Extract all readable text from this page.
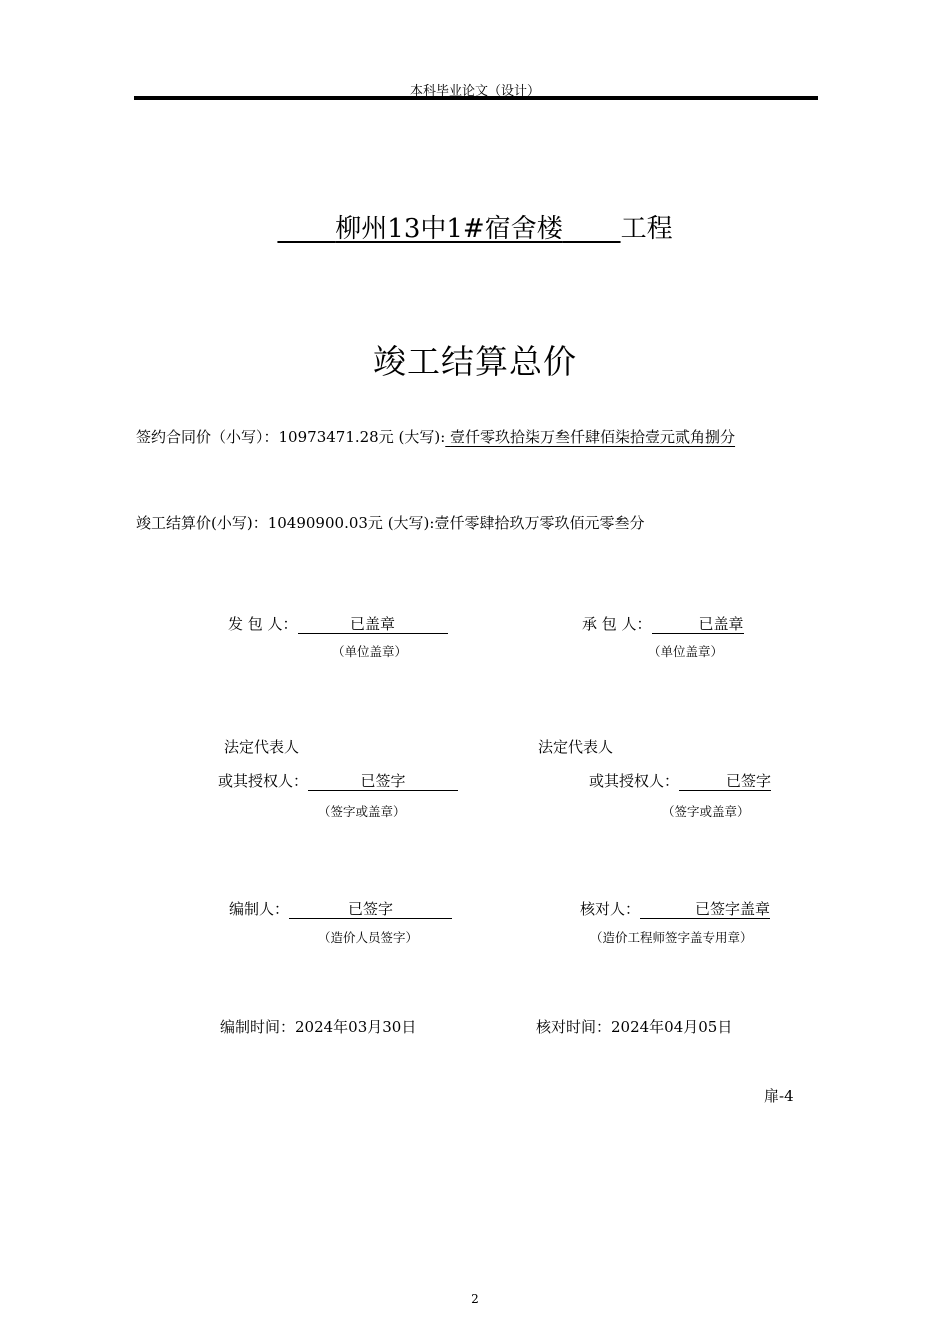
本科毕业论文（设计）
柳州13中1#宿舍楼 工程
竣工结算总价
签约合同价（小写）：10973471.28元 (大写): 壹仟零玖拾柒万叁仟肆佰柒拾壹元贰角捌分
竣工结算价(小写)：10490900.03元 (大写):壹仟零肆拾玖万零玖佰元零叁分
发 包 人：	已盖章
（单位盖章）
承 包 人：	已盖章
（单位盖章）
法定代表人
或其授权人：	已签字
（签字或盖章）
法定代表人
或其授权人：	已签字
（签字或盖章）
编制人：	已签字
（造价人员签字）
核对人：	已签字盖章
（造价工程师签字盖专用章）
编制时间：2024年03月30日	核对时间：2024年04月05日
扉-4
2
